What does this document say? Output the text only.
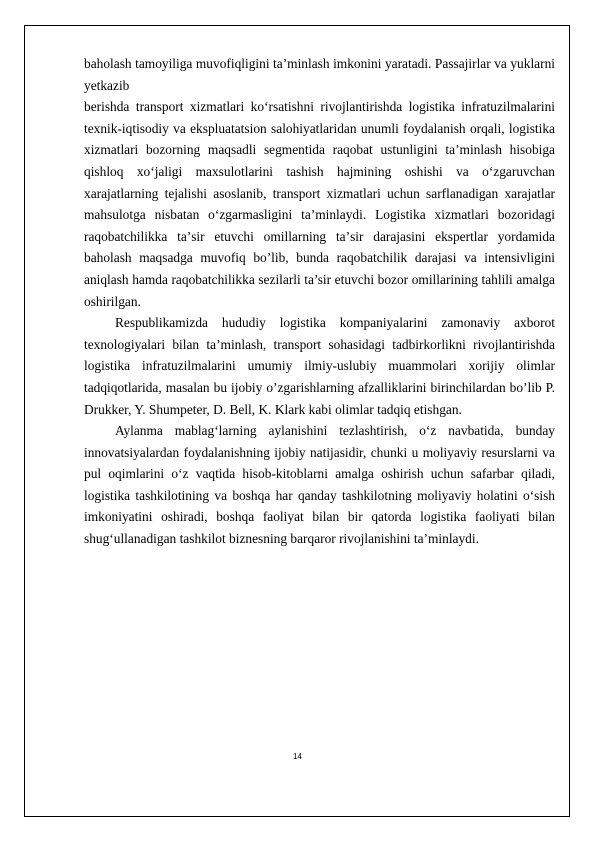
baholash tamoyiliga muvofiqligini taʼminlash imkonini yaratadi. Passajirlar va yuklarni yetkazib

berishda transport xizmatlari ko‘rsatishni rivojlantirishda logistika infratuzilmalarini texnik-iqtisodiy va ekspluatatsion salohiyatlaridan unumli foydalanish orqali, logistika xizmatlari bozorning maqsadli segmentida raqobat ustunligini taʼminlash hisobiga qishloq xo‘jaligi maxsulotlarini tashish hajmining oshishi va o‘zgaruvchan xarajatlarning tejalishi asoslanib, transport xizmatlari uchun sarflanadigan xarajatlar mahsulotga nisbatan o‘zgarmasligini taʼminlaydi. Logistika xizmatlari bozoridagi raqobatchilikka taʼsir etuvchi omillarning taʼsir darajasini ekspertlar yordamida baholash maqsadga muvofiq bo’lib, bunda raqobatchilik darajasi va intensivligini aniqlash hamda raqobatchilikka sezilarli ta’sir etuvchi bozor omillarining tahlili amalga oshirilgan.

Respublikamizda hududiy logistika kompaniyalarini zamonaviy axborot texnologiyalari bilan taʼminlash, transport sohasidagi tadbirkorlikni rivojlantirishda logistika infratuzilmalarini umumiy ilmiy-uslubiy muammolari xorijiy olimlar tadqiqotlarida, masalan bu ijobiy o’zgarishlarning afzalliklarini birinchilardan bo’lib P. Drukker, Y. Shumpeter, D. Bell, K. Klark kabi olimlar tadqiq etishgan.

Aylanma mablag‘larning aylanishini tezlashtirish, o‘z navbatida, bunday innovatsiyalardan foydalanishning ijobiy natijasidir, chunki u moliyaviy resurslarni va pul oqimlarini o‘z vaqtida hisob-kitoblarni amalga oshirish uchun safarbar qiladi, logistika tashkilotining va boshqa har qanday tashkilotning moliyaviy holatini o‘sish imkoniyatini oshiradi, boshqa faoliyat bilan bir qatorda logistika faoliyati bilan shug‘ullanadigan tashkilot biznesning barqaror rivojlanishini ta’minlaydi.

14
